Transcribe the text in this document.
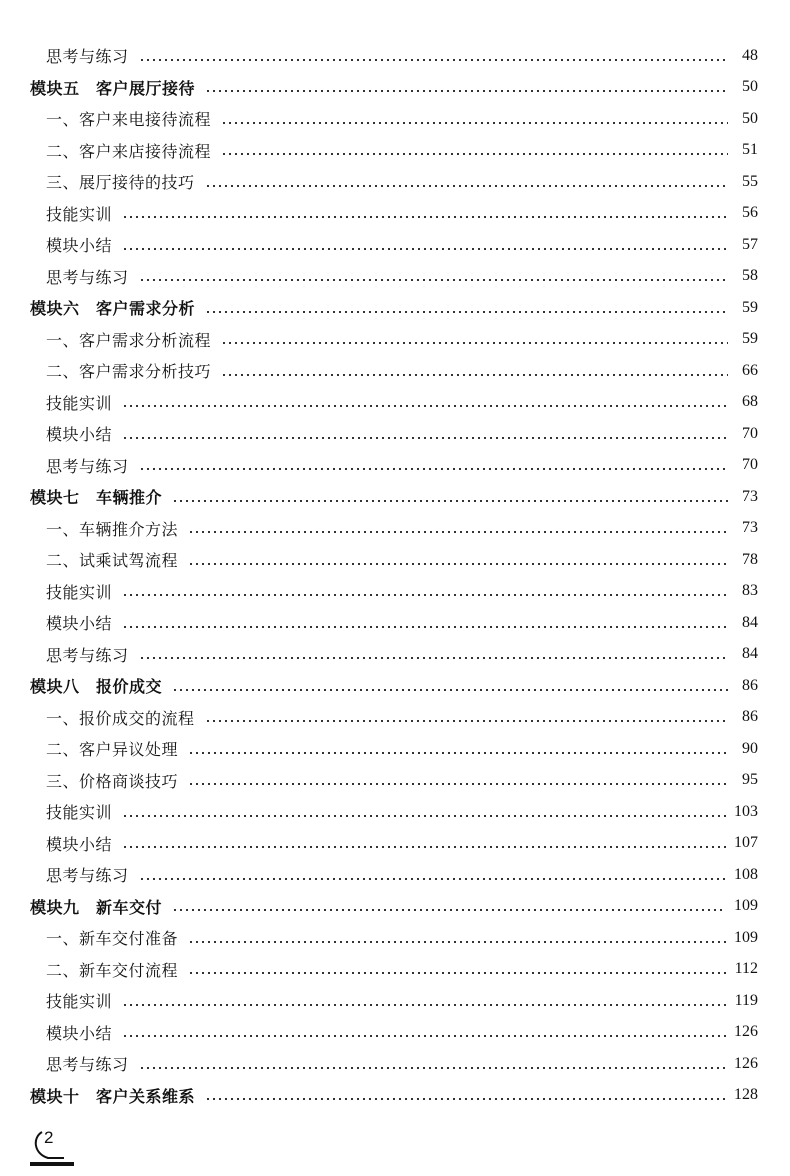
思考与练习	48
模块五　客户展厅接待	50
一、客户来电接待流程	50
二、客户来店接待流程	51
三、展厅接待的技巧	55
技能实训	56
模块小结	57
思考与练习	58
模块六　客户需求分析	59
一、客户需求分析流程	59
二、客户需求分析技巧	66
技能实训	68
模块小结	70
思考与练习	70
模块七　车辆推介	73
一、车辆推介方法	73
二、试乘试驾流程	78
技能实训	83
模块小结	84
思考与练习	84
模块八　报价成交	86
一、报价成交的流程	86
二、客户异议处理	90
三、价格商谈技巧	95
技能实训	103
模块小结	107
思考与练习	108
模块九　新车交付	109
一、新车交付准备	109
二、新车交付流程	112
技能实训	119
模块小结	126
思考与练习	126
模块十　客户关系维系	128
2
